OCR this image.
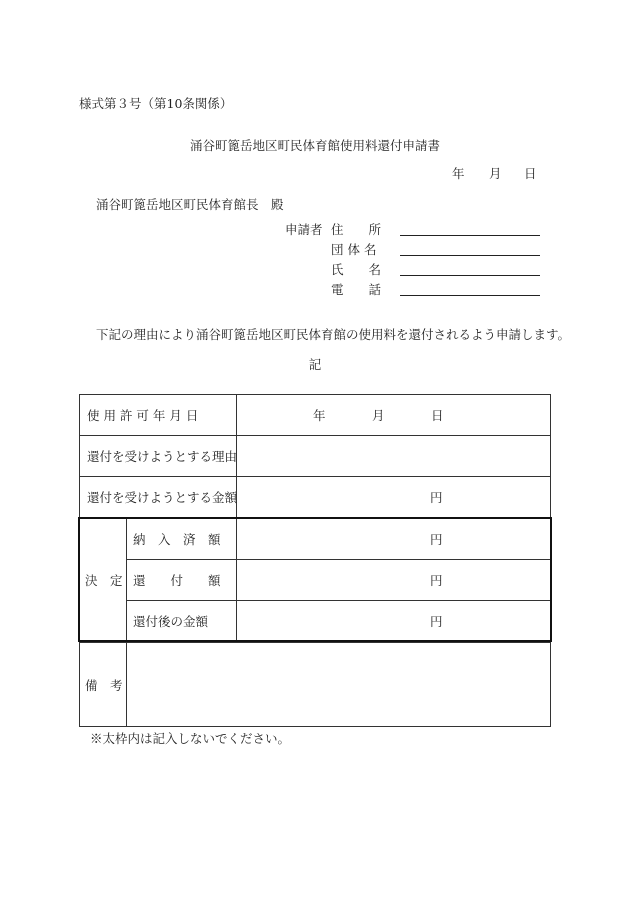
様式第３号（第10条関係）
涌谷町篦岳地区町民体育館使用料還付申請書
年 月 日
涌谷町篦岳地区町民体育館長　殿
申請者 住　　所
団 体 名
氏　　名
電　　話
下記の理由により涌谷町篦岳地区町民体育館の使用料を還付されるよう申請します。
記
使 用 許 可 年 月 日	年	月	日
還付を受けようとする理由
還付を受けようとする金額	円
決　定
納　入　済　額	円
還　　付　　額	円
還付後の金額	円
備　考
※太枠内は記入しないでください。
